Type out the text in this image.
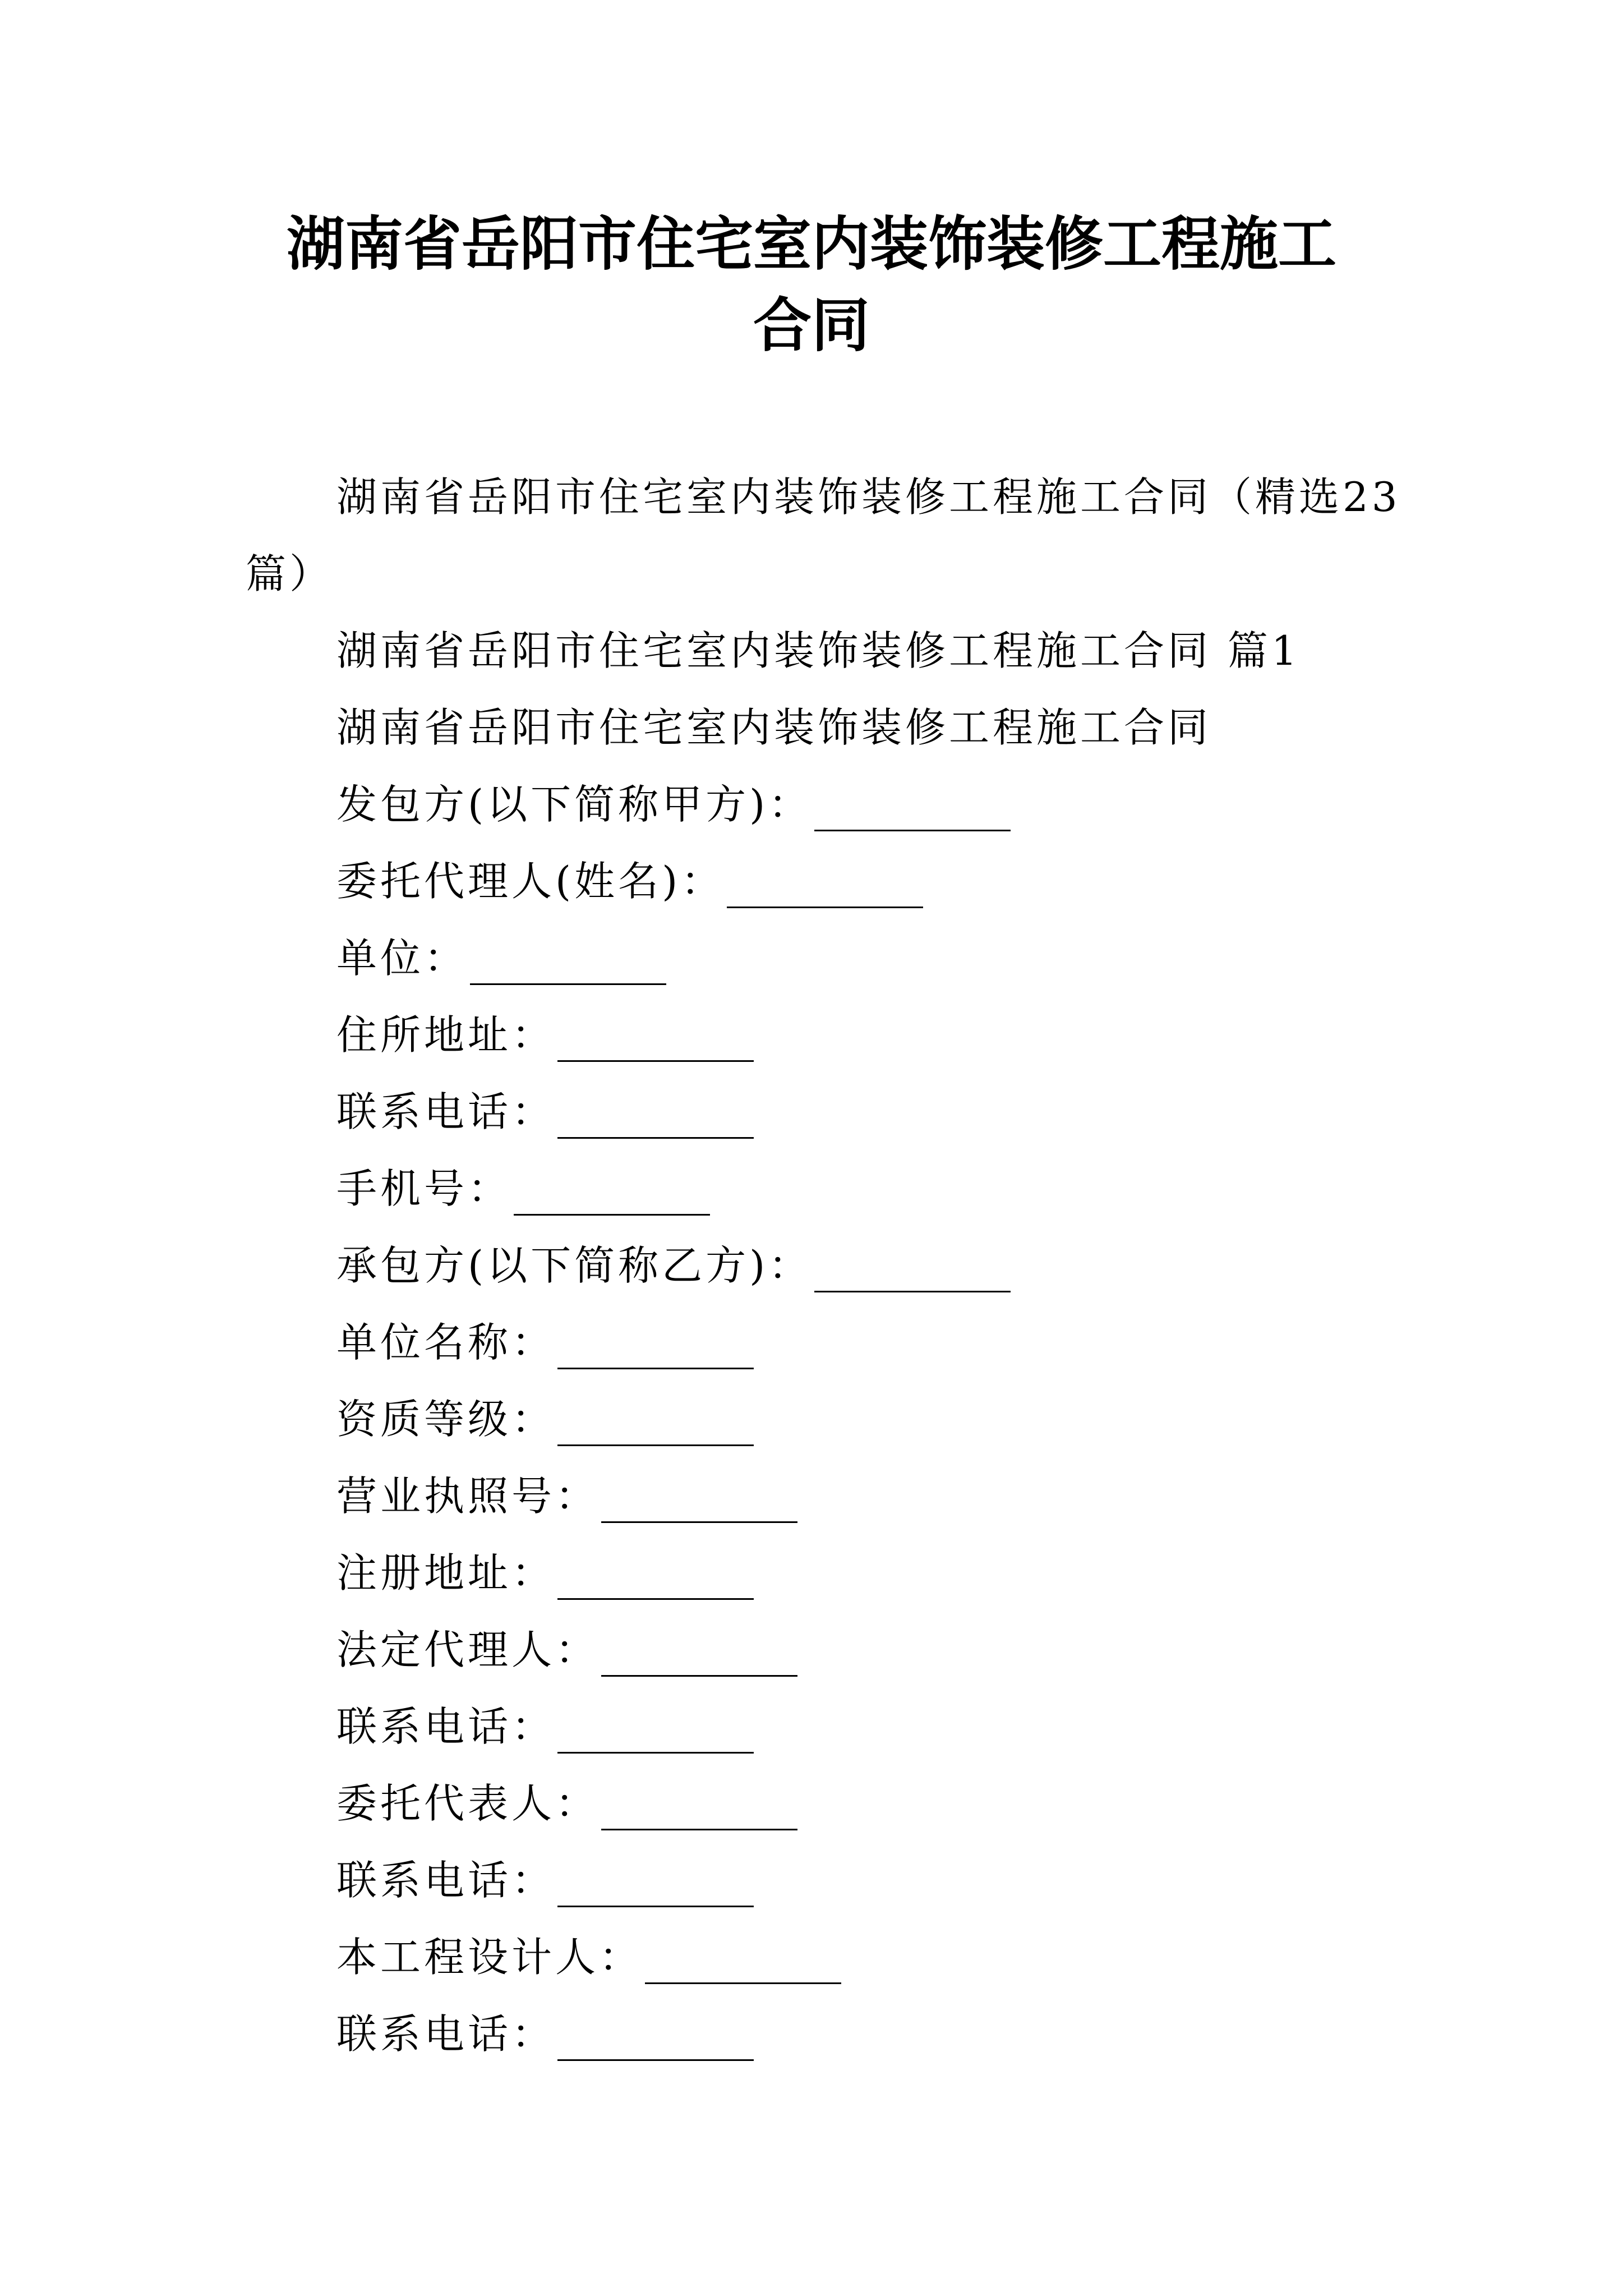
湖南省岳阳市住宅室内装饰装修工程施工
合同

湖南省岳阳市住宅室内装饰装修工程施工合同（精选23

篇）

湖南省岳阳市住宅室内装饰装修工程施工合同 篇1

湖南省岳阳市住宅室内装饰装修工程施工合同

发包方(以下简称甲方)：

委托代理人(姓名)：

单位：

住所地址：

联系电话：

手机号：

承包方(以下简称乙方)：

单位名称：

资质等级：

营业执照号：

注册地址：

法定代理人：

联系电话：

委托代表人：

联系电话：

本工程设计人：

联系电话：
